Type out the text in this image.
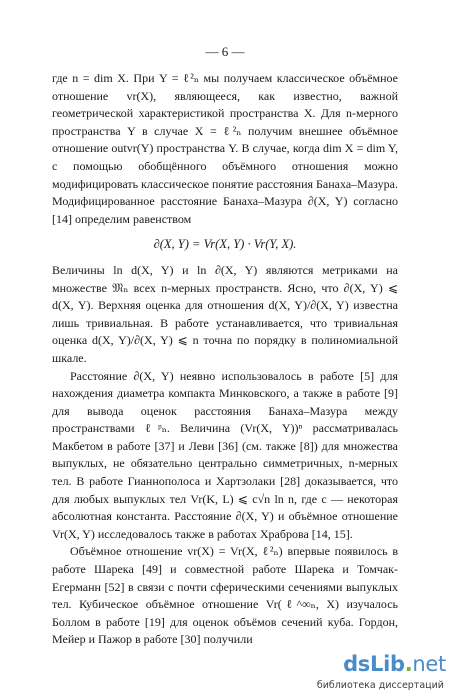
— 6 —

где n = dim X. При Y = ℓ²ₙ мы получаем классическое объёмное отношение vr(X), являющееся, как известно, важной геометрической характеристикой пространства X. Для n-мерного пространства Y в случае X = ℓ²ₙ получим внешнее объёмное отношение outvr(Y) пространства Y. В случае, когда dim X = dim Y, с помощью обобщённого объёмного отношения можно модифицировать классическое понятие расстояния Банаха–Мазура. Модифицированное расстояние Банаха–Мазура ∂(X, Y) согласно [14] определим равенством

∂(X, Y) = Vr(X, Y) · Vr(Y, X).

Величины ln d(X, Y) и ln ∂(X, Y) являются метриками на множестве 𝔐ₙ всех n-мерных пространств. Ясно, что ∂(X, Y) ⩽ d(X, Y). Верхняя оценка для отношения d(X, Y)/∂(X, Y) известна лишь тривиальная. В работе устанавливается, что тривиальная оценка d(X, Y)/∂(X, Y) ⩽ n точна по порядку в полиномиальной шкале.

Расстояние ∂(X, Y) неявно использовалось в работе [5] для нахождения диаметра компакта Минковского, а также в работе [9] для вывода оценок расстояния Банаха–Мазура между пространствами ℓᵖₙ. Величина (Vr(X, Y))ⁿ рассматривалась Макбетом в работе [37] и Леви [36] (см. также [8]) для множества выпуклых, не обязательно центрально симметричных, n-мерных тел. В работе Гианнополоса и Хартзолаки [28] доказывается, что для любых выпуклых тел Vr(K, L) ⩽ c√n ln n, где c — некоторая абсолютная константа. Расстояние ∂(X, Y) и объёмное отношение Vr(X, Y) исследовалось также в работах Храброва [14, 15].

Объёмное отношение vr(X) = Vr(X, ℓ²ₙ) впервые появилось в работе Шарека [49] и совместной работе Шарека и Томчак-Егерманн [52] в связи с почти сферическими сечениями выпуклых тел. Кубическое объёмное отношение Vr(ℓ^∞ₙ, X) изучалось Боллом в работе [19] для оценок объёмов сечений куба. Гордон, Мейер и Пажор в работе [30] получили

dsLib.net
библиотека диссертаций
